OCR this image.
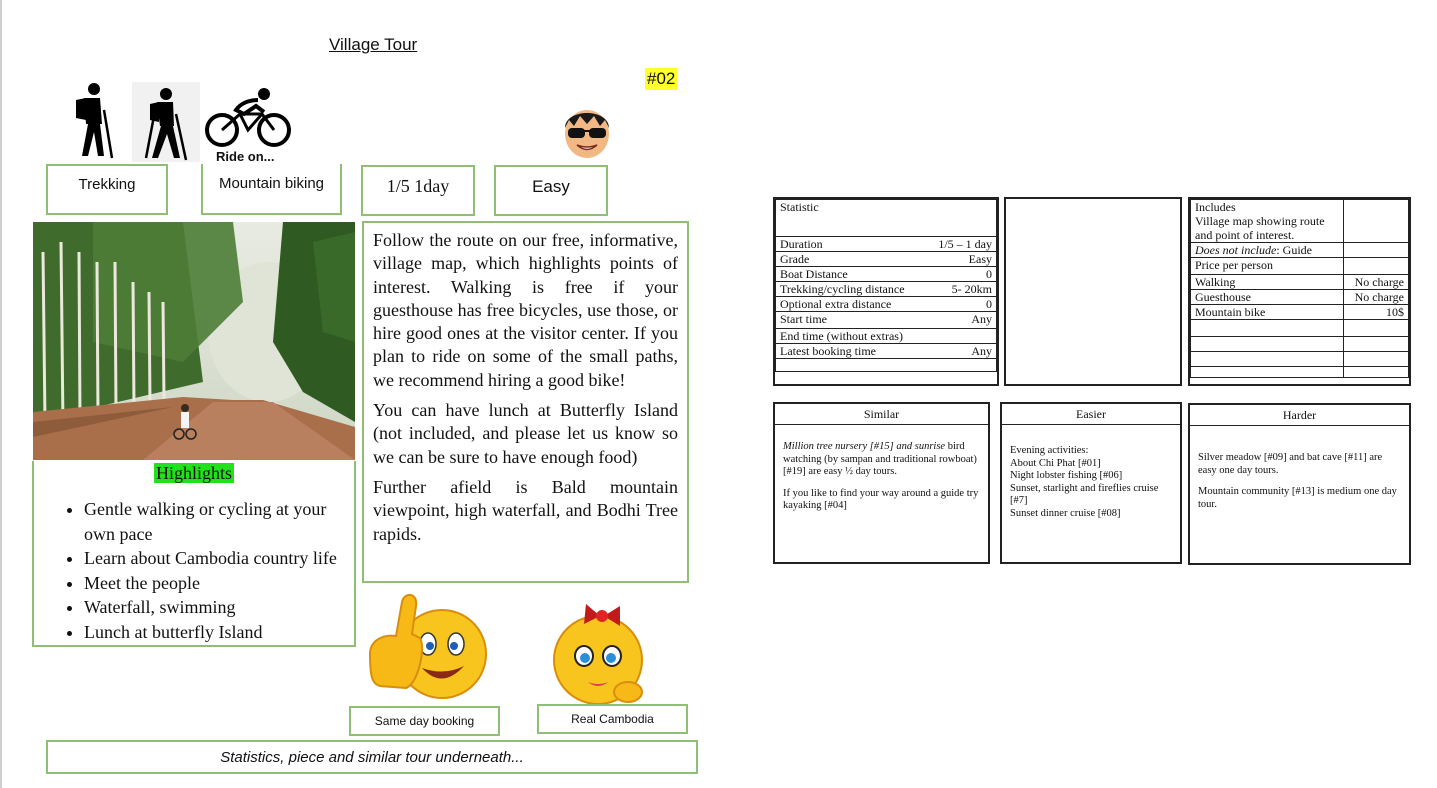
Village Tour
#02
Ride on...
Trekking	Mountain biking	1/5 1day	Easy
Highlights
• Gentle walking or cycling at your own pace
• Learn about Cambodia country life
• Meet the people
• Waterfall, swimming
• Lunch at butterfly Island

Follow the route on our free, informative, village map, which highlights points of interest. Walking is free if your guesthouse has free bicycles, use those, or hire good ones at the visitor center. If you plan to ride on some of the small paths, we recommend hiring a good bike!

You can have lunch at Butterfly Island (not included, and please let us know so we can be sure to have enough food)

Further afield is Bald mountain viewpoint, high waterfall, and Bodhi Tree rapids.

Same day booking	Real Cambodia
Statistics, piece and similar tour underneath...
Statistic	
Duration	1/5 – 1 day
Grade	Easy
Boat Distance	0
Trekking/cycling distance	5- 20km
Optional extra distance	0
Start time	Any
End time (without extras)	
Latest booking time	Any

Includes
Village map showing route and point of interest.	
Does not include: Guide	
Price per person	
Walking	No charge
Guesthouse	No charge
Mountain bike	10$

Similar

Million tree nursery [#15] and sunrise bird watching (by sampan and traditional rowboat) [#19] are easy ½ day tours.

If you like to find your way around a guide try kayaking [#04]

Easier
Evening activities:
About Chi Phat [#01]
Night lobster fishing [#06]
Sunset, starlight and fireflies cruise [#7]
Sunset dinner cruise [#08]
Harder

Silver meadow [#09] and bat cave [#11] are easy one day tours.

Mountain community [#13] is medium one day tour.
